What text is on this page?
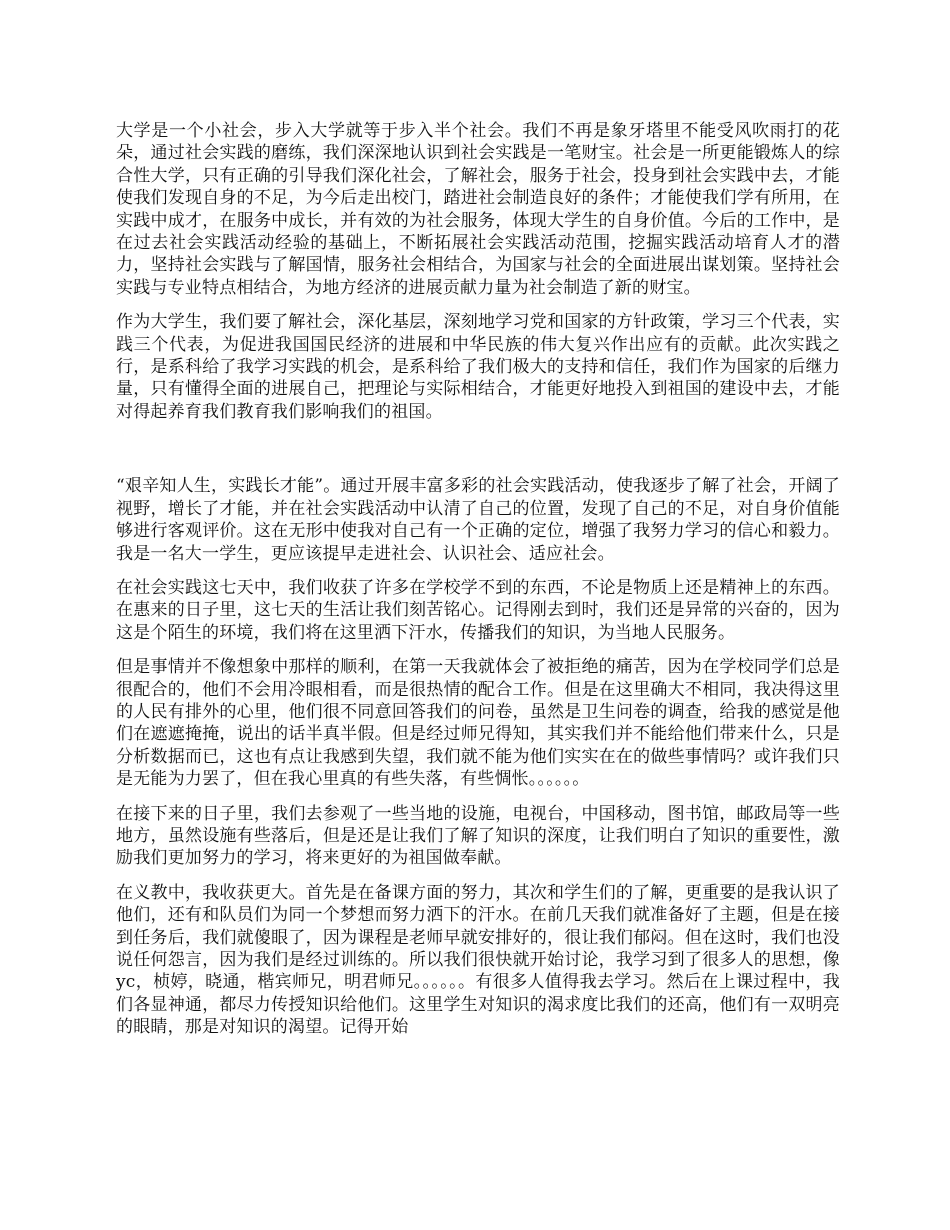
大学是一个小社会，步入大学就等于步入半个社会。我们不再是象牙塔里不能受风吹雨打的花朵，通过社会实践的磨练，我们深深地认识到社会实践是一笔财宝。社会是一所更能锻炼人的综合性大学，只有正确的引导我们深化社会，了解社会，服务于社会，投身到社会实践中去，才能使我们发现自身的不足，为今后走出校门，踏进社会制造良好的条件；才能使我们学有所用，在实践中成才，在服务中成长，并有效的为社会服务，体现大学生的自身价值。今后的工作中，是在过去社会实践活动经验的基础上，不断拓展社会实践活动范围，挖掘实践活动培育人才的潜力，坚持社会实践与了解国情，服务社会相结合，为国家与社会的全面进展出谋划策。坚持社会实践与专业特点相结合，为地方经济的进展贡献力量为社会制造了新的财宝。

作为大学生，我们要了解社会，深化基层，深刻地学习党和国家的方针政策，学习三个代表，实践三个代表，为促进我国国民经济的进展和中华民族的伟大复兴作出应有的贡献。此次实践之行，是系科给了我学习实践的机会，是系科给了我们极大的支持和信任，我们作为国家的后继力量，只有懂得全面的进展自己，把理论与实际相结合，才能更好地投入到祖国的建设中去，才能对得起养育我们教育我们影响我们的祖国。

“艰辛知人生，实践长才能”。通过开展丰富多彩的社会实践活动，使我逐步了解了社会，开阔了视野，增长了才能，并在社会实践活动中认清了自己的位置，发现了自己的不足，对自身价值能够进行客观评价。这在无形中使我对自己有一个正确的定位，增强了我努力学习的信心和毅力。我是一名大一学生，更应该提早走进社会、认识社会、适应社会。

在社会实践这七天中，我们收获了许多在学校学不到的东西，不论是物质上还是精神上的东西。在惠来的日子里，这七天的生活让我们刻苦铭心。记得刚去到时，我们还是异常的兴奋的，因为这是个陌生的环境，我们将在这里洒下汗水，传播我们的知识，为当地人民服务。

但是事情并不像想象中那样的顺利，在第一天我就体会了被拒绝的痛苦，因为在学校同学们总是很配合的，他们不会用冷眼相看，而是很热情的配合工作。但是在这里确大不相同，我决得这里的人民有排外的心里，他们很不同意回答我们的问卷，虽然是卫生问卷的调查，给我的感觉是他们在遮遮掩掩，说出的话半真半假。但是经过师兄得知，其实我们并不能给他们带来什么，只是分析数据而已，这也有点让我感到失望，我们就不能为他们实实在在的做些事情吗？或许我们只是无能为力罢了，但在我心里真的有些失落，有些惆怅。。。。。。

在接下来的日子里，我们去参观了一些当地的设施，电视台，中国移动，图书馆，邮政局等一些地方，虽然设施有些落后，但是还是让我们了解了知识的深度，让我们明白了知识的重要性，激励我们更加努力的学习，将来更好的为祖国做奉献。

在义教中，我收获更大。首先是在备课方面的努力，其次和学生们的了解，更重要的是我认识了他们，还有和队员们为同一个梦想而努力洒下的汗水。在前几天我们就准备好了主题，但是在接到任务后，我们就傻眼了，因为课程是老师早就安排好的，很让我们郁闷。但在这时，我们也没说任何怨言，因为我们是经过训练的。所以我们很快就开始讨论，我学习到了很多人的思想，像yc，桢婷，晓通，楷宾师兄，明君师兄。。。。。。有很多人值得我去学习。然后在上课过程中，我们各显神通，都尽力传授知识给他们。这里学生对知识的渴求度比我们的还高，他们有一双明亮的眼睛，那是对知识的渴望。记得开始
